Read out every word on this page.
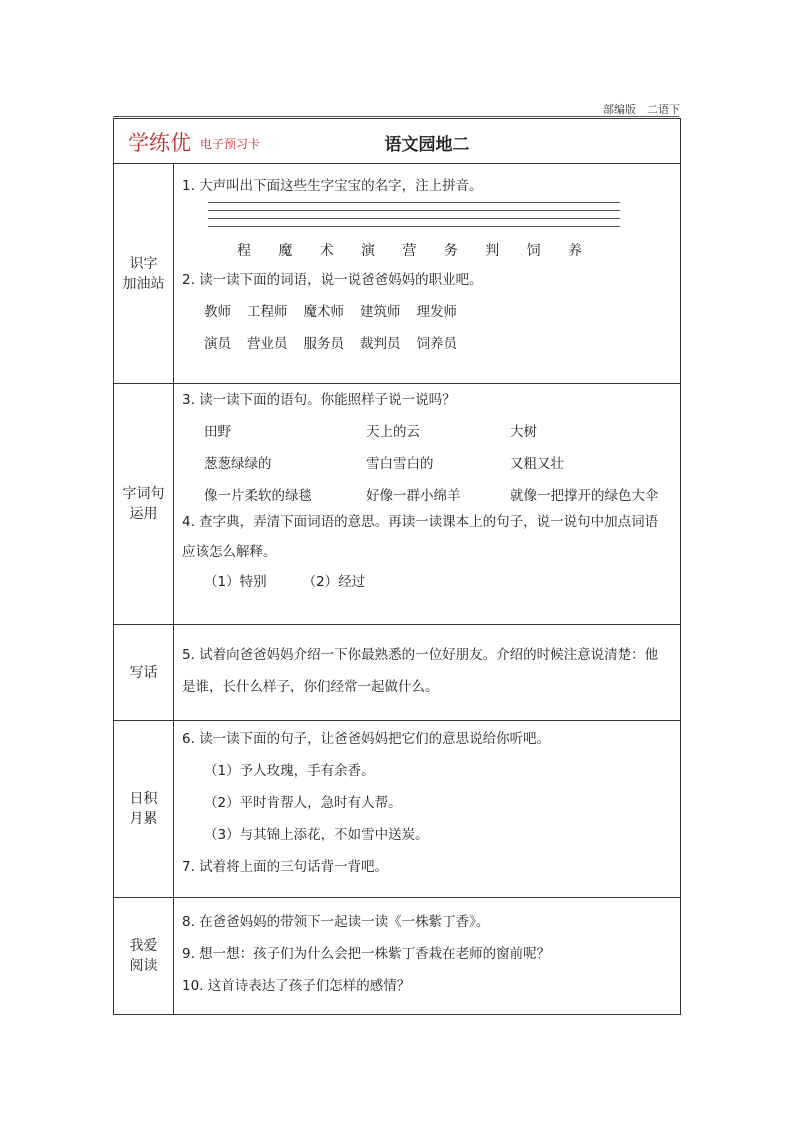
部编版　二语下
学练优 电子预习卡	语文园地二
识字
加油站
1. 大声叫出下面这些生字宝宝的名字，注上拼音。
程 魔 术 演 营 务 判 饲 养
2. 读一读下面的词语，说一说爸爸妈妈的职业吧。
教师 工程师 魔术师 建筑师 理发师
演员 营业员 服务员 裁判员 饲养员
字词句
运用
3. 读一读下面的语句。你能照样子说一说吗？
田野	天上的云	大树
葱葱绿绿的	雪白雪白的	又粗又壮
像一片柔软的绿毯	好像一群小绵羊	就像一把撑开的绿色大伞
4. 查字典，弄清下面词语的意思。再读一读课本上的句子，说一说句中加点词语
应该怎么解释。
（1）特别	（2）经过
写话
5. 试着向爸爸妈妈介绍一下你最熟悉的一位好朋友。介绍的时候注意说清楚：他
是谁，长什么样子，你们经常一起做什么。
日积
月累
6. 读一读下面的句子，让爸爸妈妈把它们的意思说给你听吧。
（1）予人玫瑰，手有余香。
（2）平时肯帮人，急时有人帮。
（3）与其锦上添花，不如雪中送炭。
7. 试着将上面的三句话背一背吧。
我爱
阅读
8. 在爸爸妈妈的带领下一起读一读《一株紫丁香》。
9. 想一想：孩子们为什么会把一株紫丁香栽在老师的窗前呢？
10. 这首诗表达了孩子们怎样的感情？
